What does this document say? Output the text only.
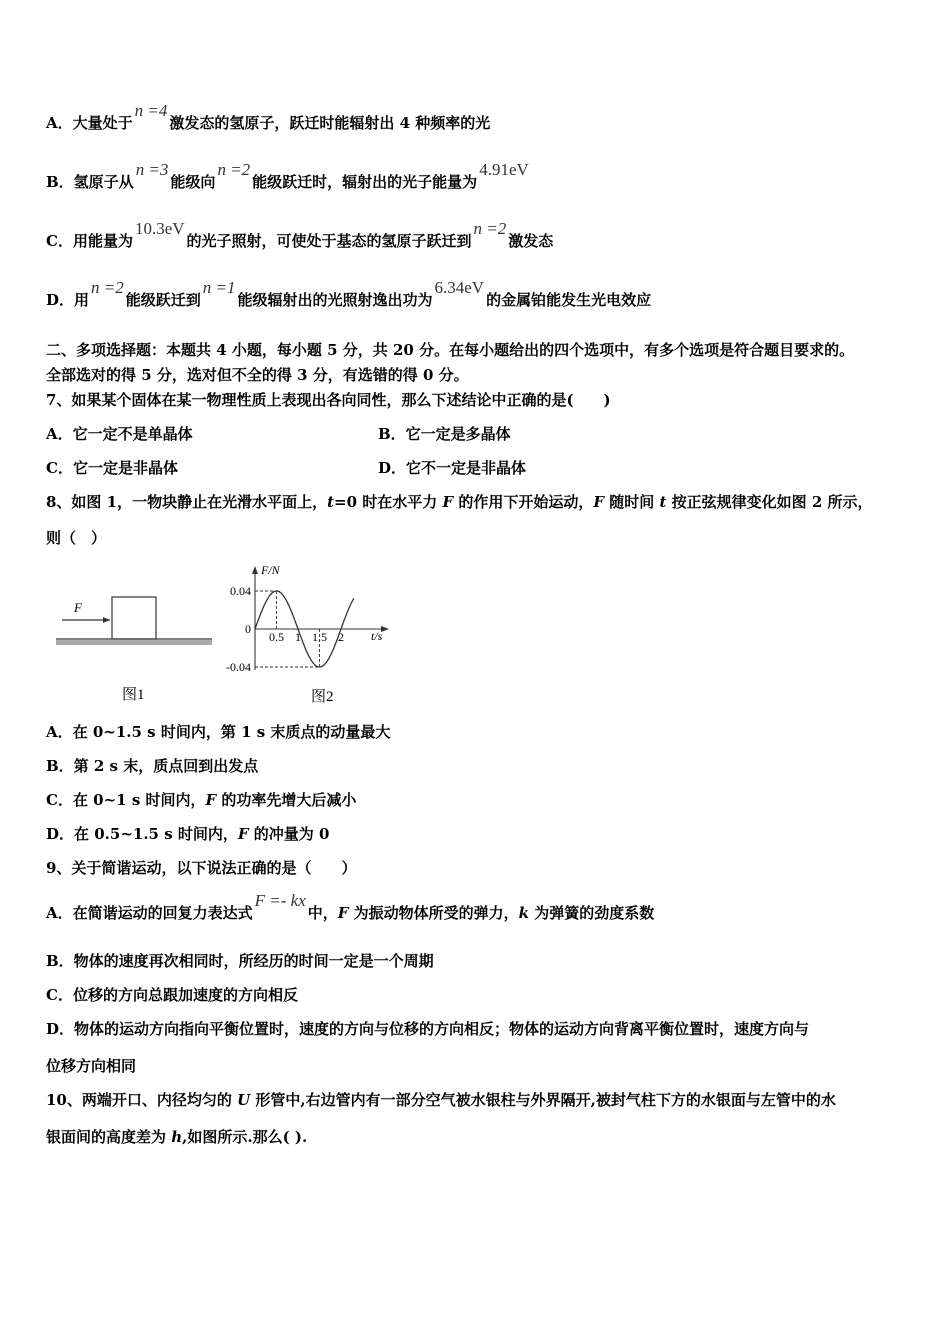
A．大量处于n =4激发态的氢原子，跃迁时能辐射出 4 种频率的光
B．氢原子从n =3能级向n =2能级跃迁时，辐射出的光子能量为4.91eV
C．用能量为10.3eV的光子照射，可使处于基态的氢原子跃迁到n =2激发态
D．用n =2能级跃迁到n =1能级辐射出的光照射逸出功为6.34eV的金属铂能发生光电效应
二、多项选择题：本题共 4 小题，每小题 5 分，共 20 分。在每小题给出的四个选项中，有多个选项是符合题目要求的。
全部选对的得 5 分，选对但不全的得 3 分，有选错的得 0 分。
7、如果某个固体在某一物理性质上表现出各向同性，那么下述结论中正确的是(　　)
A．它一定不是单晶体	B．它一定是多晶体
C．它一定是非晶体	D．它不一定是非晶体
8、如图 1，一物块静止在光滑水平面上，t=0 时在水平力 F 的作用下开始运动，F 随时间 t 按正弦规律变化如图 2 所示，
则（　）
F
图1
F/N
t/s
0.04
0
-0.04
0.5 1 1.5 2
图2
A．在 0~1.5 s 时间内，第 1 s 末质点的动量最大
B．第 2 s 末，质点回到出发点
C．在 0~1 s 时间内，F 的功率先增大后减小
D．在 0.5~1.5 s 时间内，F 的冲量为 0
9、关于简谐运动，以下说法正确的是（　　）
A．在简谐运动的回复力表达式F =- kx中，F 为振动物体所受的弹力，k 为弹簧的劲度系数
B．物体的速度再次相同时，所经历的时间一定是一个周期
C．位移的方向总跟加速度的方向相反
D．物体的运动方向指向平衡位置时，速度的方向与位移的方向相反；物体的运动方向背离平衡位置时，速度方向与
位移方向相同
10、两端开口、内径均匀的 U 形管中,右边管内有一部分空气被水银柱与外界隔开,被封气柱下方的水银面与左管中的水
银面间的高度差为 h,如图所示.那么( ).
